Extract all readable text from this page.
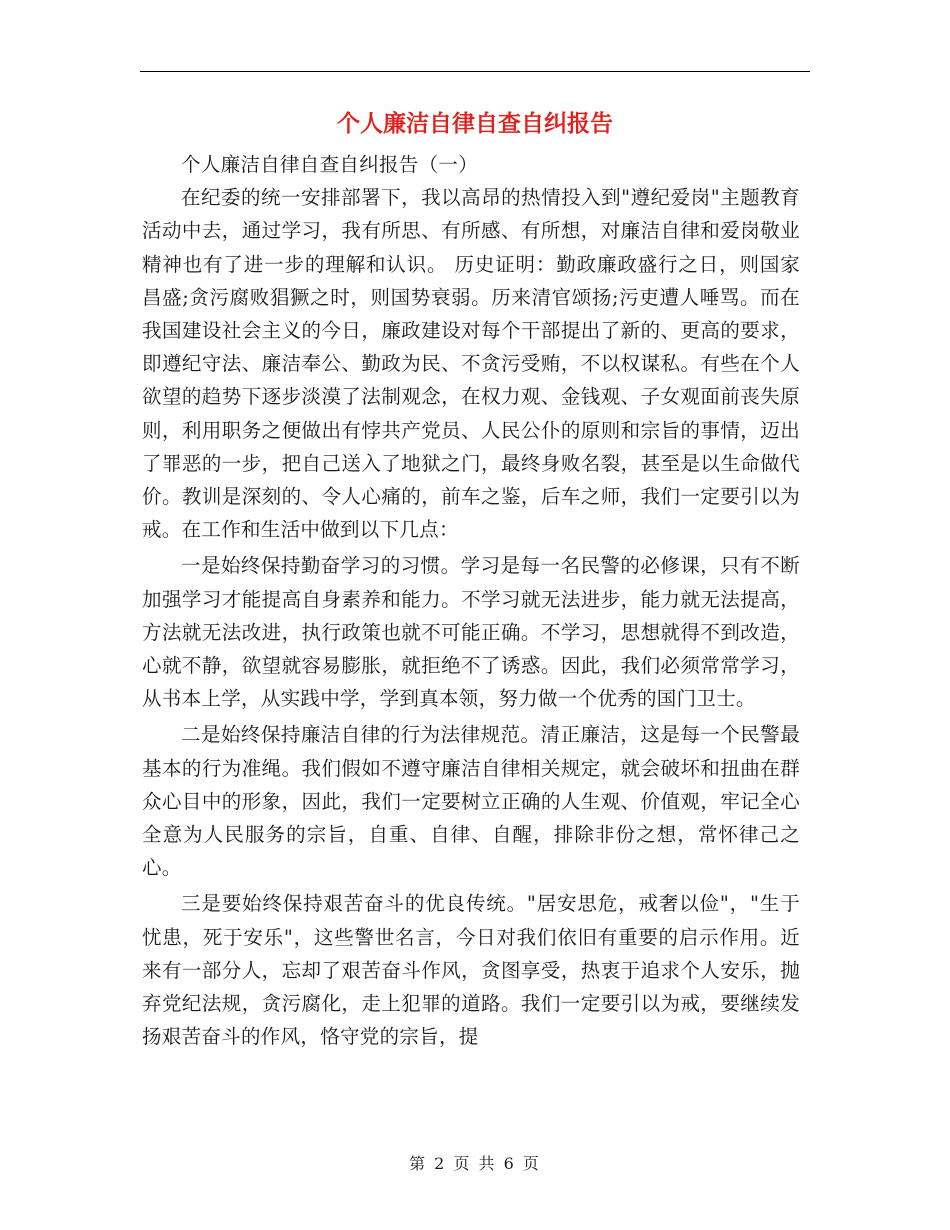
个人廉洁自律自查自纠报告

个人廉洁自律自查自纠报告（一）

在纪委的统一安排部署下，我以高昂的热情投入到"遵纪爱岗"主题教育活动中去，通过学习，我有所思、有所感、有所想，对廉洁自律和爱岗敬业精神也有了进一步的理解和认识。 历史证明：勤政廉政盛行之日，则国家昌盛;贪污腐败猖獗之时，则国势衰弱。历来清官颂扬;污吏遭人唾骂。而在我国建设社会主义的今日，廉政建设对每个干部提出了新的、更高的要求，即遵纪守法、廉洁奉公、勤政为民、不贪污受贿，不以权谋私。有些在个人欲望的趋势下逐步淡漠了法制观念，在权力观、金钱观、子女观面前丧失原则，利用职务之便做出有悖共产党员、人民公仆的原则和宗旨的事情，迈出了罪恶的一步，把自己送入了地狱之门，最终身败名裂，甚至是以生命做代价。教训是深刻的、令人心痛的，前车之鉴，后车之师，我们一定要引以为戒。在工作和生活中做到以下几点：

一是始终保持勤奋学习的习惯。学习是每一名民警的必修课，只有不断加强学习才能提高自身素养和能力。不学习就无法进步，能力就无法提高，方法就无法改进，执行政策也就不可能正确。不学习，思想就得不到改造，心就不静，欲望就容易膨胀，就拒绝不了诱惑。因此，我们必须常常学习，从书本上学，从实践中学，学到真本领，努力做一个优秀的国门卫士。

二是始终保持廉洁自律的行为法律规范。清正廉洁，这是每一个民警最基本的行为准绳。我们假如不遵守廉洁自律相关规定，就会破坏和扭曲在群众心目中的形象，因此，我们一定要树立正确的人生观、价值观，牢记全心全意为人民服务的宗旨，自重、自律、自醒，排除非份之想，常怀律己之心。

三是要始终保持艰苦奋斗的优良传统。"居安思危，戒奢以俭"，"生于忧患，死于安乐"，这些警世名言，今日对我们依旧有重要的启示作用。近来有一部分人，忘却了艰苦奋斗作风，贪图享受，热衷于追求个人安乐，抛弃党纪法规，贪污腐化，走上犯罪的道路。我们一定要引以为戒，要继续发扬艰苦奋斗的作风，恪守党的宗旨，提

第 2 页 共 6 页
